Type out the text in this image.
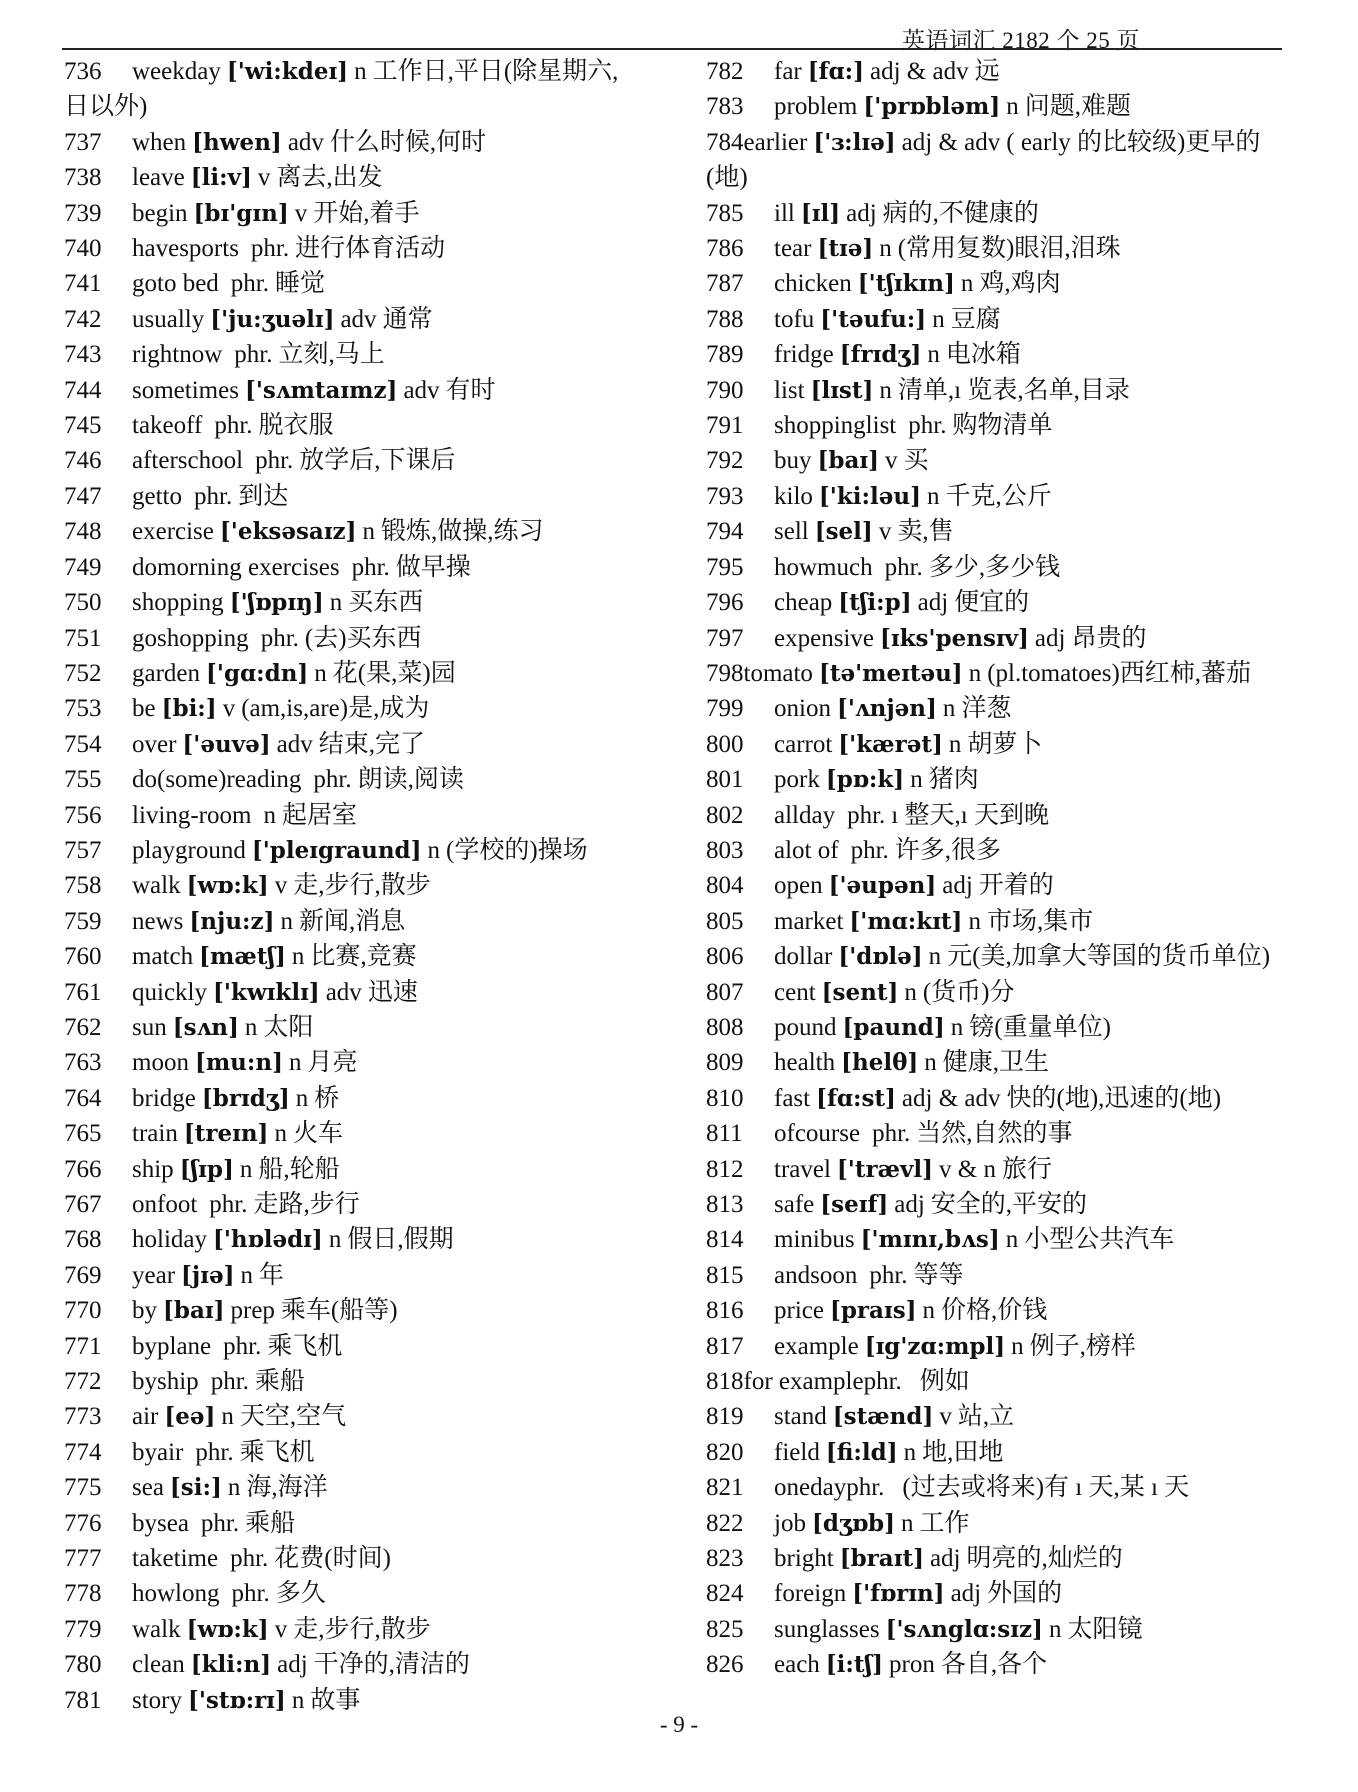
英语词汇 2182 个 25 页
736 weekday ['wi:kdeɪ] n 工作日,平日(除星期六,日以外)
737 when [hwen] adv 什么时候,何时
738 leave [li:v] v 离去,出发
739 begin [bɪ'gɪn] v 开始,着手
740 havesports phr. 进行体育活动
741 goto bed phr. 睡觉
742 usually ['ju:ʒuəlɪ] adv 通常
743 rightnow phr. 立刻,马上
744 sometimes ['sʌmtaɪmz] adv 有时
745 takeoff phr. 脱衣服
746 afterschool phr. 放学后,下课后
747 getto phr. 到达
748 exercise ['eksəsaɪz] n 锻炼,做操,练习
749 domorning exercises phr. 做早操
750 shopping ['ʃɒpɪŋ] n 买东西
751 goshopping phr. (去)买东西
752 garden ['gɑ:dn] n 花(果,菜)园
753 be [bi:] v (am,is,are)是,成为
754 over ['əuvə] adv 结束,完了
755 do(some)reading phr. 朗读,阅读
756 living-room n 起居室
757 playground ['pleɪgraund] n (学校的)操场
758 walk [wɒ:k] v 走,步行,散步
759 news [nju:z] n 新闻,消息
760 match [mætʃ] n 比赛,竞赛
761 quickly ['kwɪklɪ] adv 迅速
762 sun [sʌn] n 太阳
763 moon [mu:n] n 月亮
764 bridge [brɪdʒ] n 桥
765 train [treɪn] n 火车
766 ship [ʃɪp] n 船,轮船
767 onfoot phr. 走路,步行
768 holiday ['hɒlədɪ] n 假日,假期
769 year [jɪə] n 年
770 by [baɪ] prep 乘车(船等)
771 byplane phr. 乘飞机
772 byship phr. 乘船
773 air [eə] n 天空,空气
774 byair phr. 乘飞机
775 sea [si:] n 海,海洋
776 bysea phr. 乘船
777 taketime phr. 花费(时间)
778 howlong phr. 多久
779 walk [wɒ:k] v 走,步行,散步
780 clean [kli:n] adj 干净的,清洁的
781 story ['stɒ:rɪ] n 故事
782 far [fɑ:] adj & adv 远
783 problem ['prɒbləm] n 问题,难题
784earlier ['ɜ:lɪə] adj & adv ( early 的比较级)更早的(地)
785 ill [ɪl] adj 病的,不健康的
786 tear [tɪə] n (常用复数)眼泪,泪珠
787 chicken ['tʃɪkɪn] n 鸡,鸡肉
788 tofu ['təufu:] n 豆腐
789 fridge [frɪdʒ] n 电冰箱
790 list [lɪst] n 清单,ı 览表,名单,目录
791 shoppinglist phr. 购物清单
792 buy [baɪ] v 买
793 kilo ['ki:ləu] n 千克,公斤
794 sell [sel] v 卖,售
795 howmuch phr. 多少,多少钱
796 cheap [tʃi:p] adj 便宜的
797 expensive [ɪks'pensɪv] adj 昂贵的
798tomato [tə'meɪtəu] n (pl.tomatoes)西红柿,蕃茄
799 onion ['ʌnjən] n 洋葱
800 carrot ['kærət] n 胡萝卜
801 pork [pɒ:k] n 猪肉
802 allday phr. ı 整天,ı 天到晚
803 alot of phr. 许多,很多
804 open ['əupən] adj 开着的
805 market ['mɑ:kɪt] n 市场,集市
806 dollar ['dɒlə] n 元(美,加拿大等国的货币单位)
807 cent [sent] n (货币)分
808 pound [paund] n 镑(重量单位)
809 health [helθ] n 健康,卫生
810 fast [fɑ:st] adj & adv 快的(地),迅速的(地)
811 ofcourse phr. 当然,自然的事
812 travel ['trævl] v & n 旅行
813 safe [seɪf] adj 安全的,平安的
814 minibus ['mɪnɪ,bʌs] n 小型公共汽车
815 andsoon phr. 等等
816 price [praɪs] n 价格,价钱
817 example [ɪg'zɑ:mpl] n 例子,榜样
818for examplephr. 例如
819 stand [stænd] v 站,立
820 field [fi:ld] n 地,田地
821 onedayphr. (过去或将来)有 ı 天,某 ı 天
822 job [dʒɒb] n 工作
823 bright [braɪt] adj 明亮的,灿烂的
824 foreign ['fɒrɪn] adj 外国的
825 sunglasses ['sʌnglɑ:sɪz] n 太阳镜
826 each [i:tʃ] pron 各自,各个
- 9 -
